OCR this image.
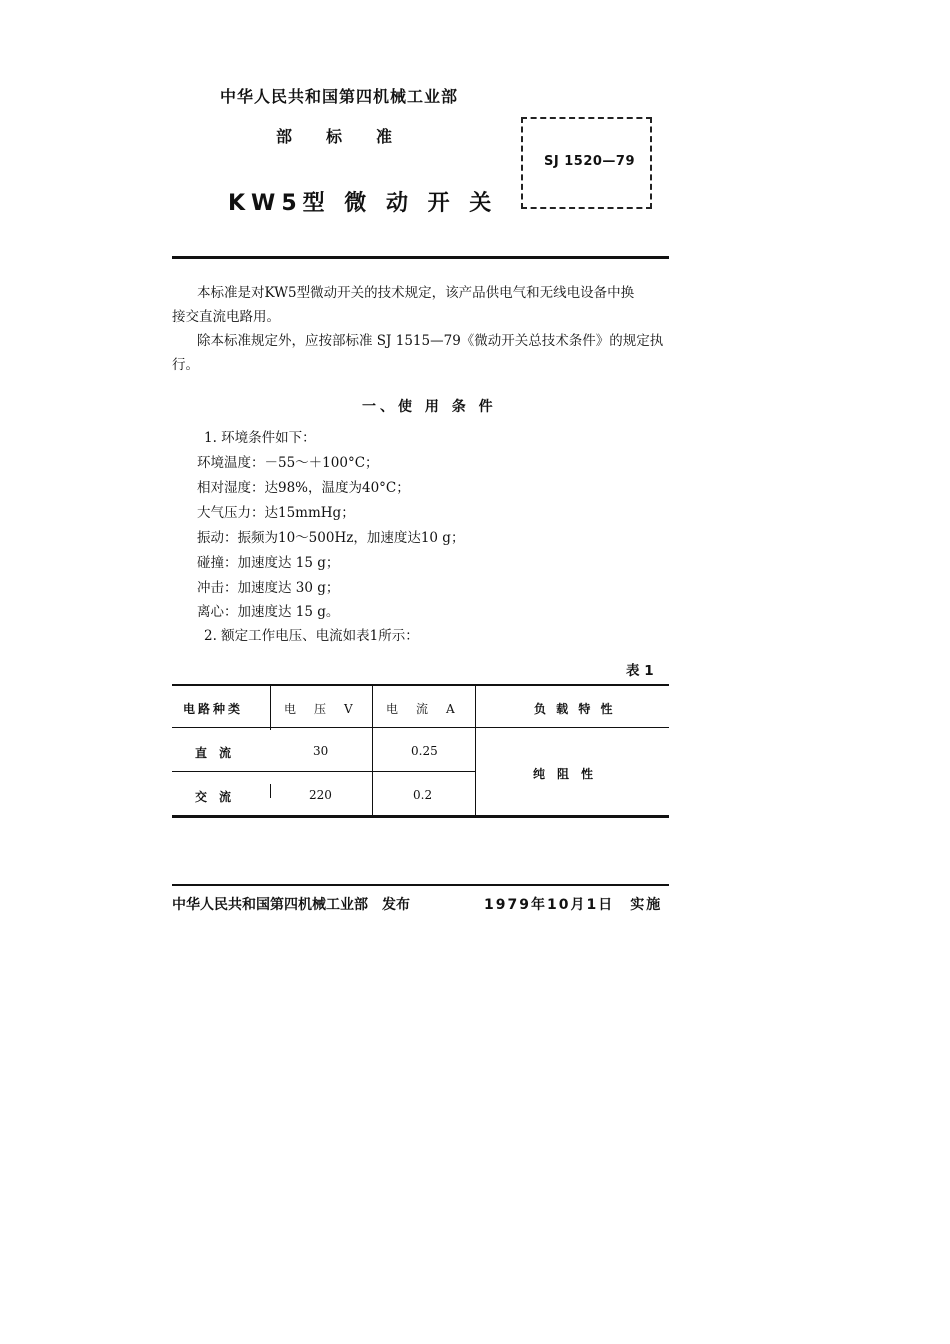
中华人民共和国第四机械工业部
部 标 准
KW5型 微 动 开 关
SJ 1520—79
本标准是对KW5型微动开关的技术规定，该产品供电气和无线电设备中换
接交直流电路用。
除本标准规定外，应按部标准 SJ 1515—79《微动开关总技术条件》的规定执
行。
一、使 用 条 件
1. 环境条件如下：
环境温度：－55～＋100°C；
相对湿度：达98%，温度为40°C；
大气压力：达15mmHg；
振动：振频为10～500Hz，加速度达10 g；
碰撞：加速度达 15 g；
冲击：加速度达 30 g；
离心：加速度达 15 g。
2. 额定工作电压、电流如表1所示：
表 1
电路种类	电　压　V	电　流　A	负 载 特 性
直　流	30	0.25
交　流	220	0.2
纯　阻　性
中华人民共和国第四机械工业部　发布	1979年10月1日　实施
